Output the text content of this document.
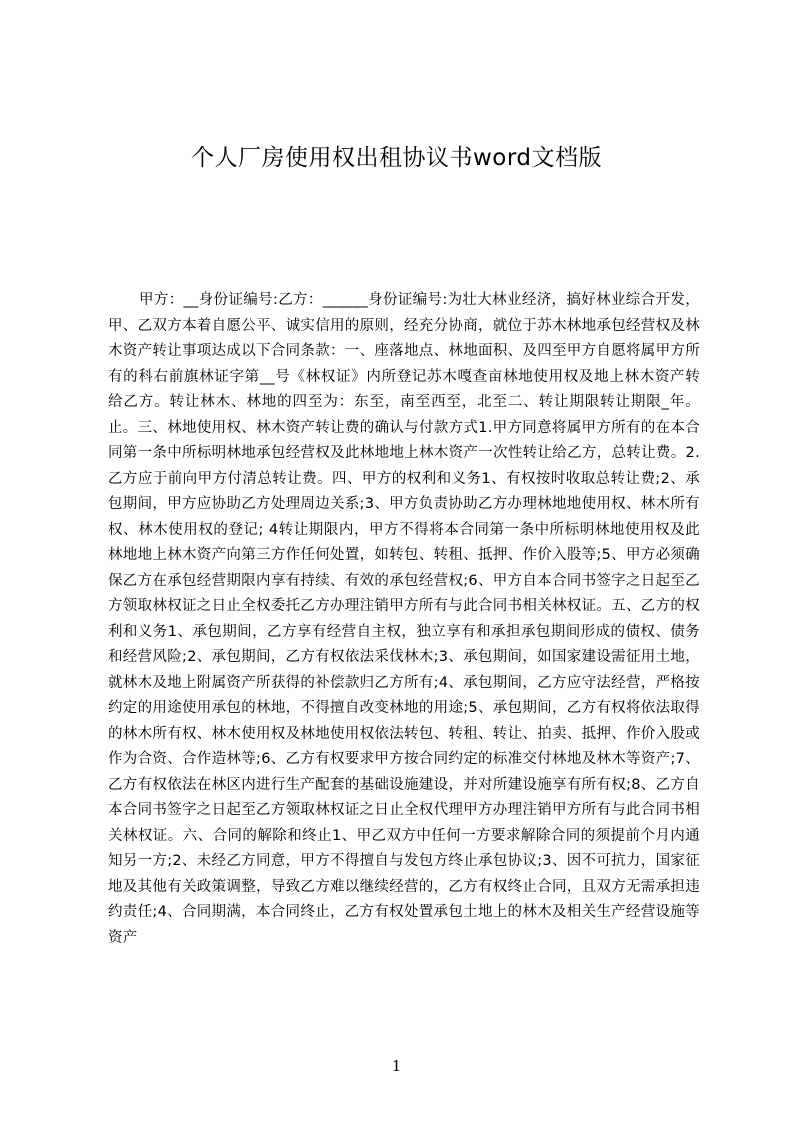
个人厂房使用权出租协议书word文档版

甲方：__身份证编号:乙方：______身份证编号:为壮大林业经济，搞好林业综合开发，甲、乙双方本着自愿公平、诚实信用的原则，经充分协商，就位于苏木林地承包经营权及林木资产转让事项达成以下合同条款：一、座落地点、林地面积、及四至甲方自愿将属甲方所有的科右前旗林证字第__号《林权证》内所登记苏木嘎查亩林地使用权及地上林木资产转给乙方。转让林木、林地的四至为：东至，南至西至，北至二、转让期限转让期限_年。止。三、林地使用权、林木资产转让费的确认与付款方式1.甲方同意将属甲方所有的在本合同第一条中所标明林地承包经营权及此林地地上林木资产一次性转让给乙方，总转让费。2.乙方应于前向甲方付清总转让费。四、甲方的权利和义务1、有权按时收取总转让费;2、承包期间，甲方应协助乙方处理周边关系;3、甲方负责协助乙方办理林地地使用权、林木所有权、林木使用权的登记; 4转让期限内，甲方不得将本合同第一条中所标明林地使用权及此林地地上林木资产向第三方作任何处置，如转包、转租、抵押、作价入股等;5、甲方必须确保乙方在承包经营期限内享有持续、有效的承包经营权;6、甲方自本合同书签字之日起至乙方领取林权证之日止全权委托乙方办理注销甲方所有与此合同书相关林权证。五、乙方的权利和义务1、承包期间，乙方享有经营自主权，独立享有和承担承包期间形成的债权、债务和经营风险;2、承包期间，乙方有权依法采伐林木;3、承包期间，如国家建设需征用土地，就林木及地上附属资产所获得的补偿款归乙方所有;4、承包期间，乙方应守法经营，严格按约定的用途使用承包的林地，不得擅自改变林地的用途;5、承包期间，乙方有权将依法取得的林木所有权、林木使用权及林地使用权依法转包、转租、转让、拍卖、抵押、作价入股或作为合资、合作造林等;6、乙方有权要求甲方按合同约定的标准交付林地及林木等资产;7、乙方有权依法在林区内进行生产配套的基础设施建设，并对所建设施享有所有权;8、乙方自本合同书签字之日起至乙方领取林权证之日止全权代理甲方办理注销甲方所有与此合同书相关林权证。六、合同的解除和终止1、甲乙双方中任何一方要求解除合同的须提前个月内通知另一方;2、未经乙方同意，甲方不得擅自与发包方终止承包协议;3、因不可抗力，国家征地及其他有关政策调整，导致乙方难以继续经营的，乙方有权终止合同，且双方无需承担违约责任;4、合同期满，本合同终止，乙方有权处置承包土地上的林木及相关生产经营设施等资产

1
